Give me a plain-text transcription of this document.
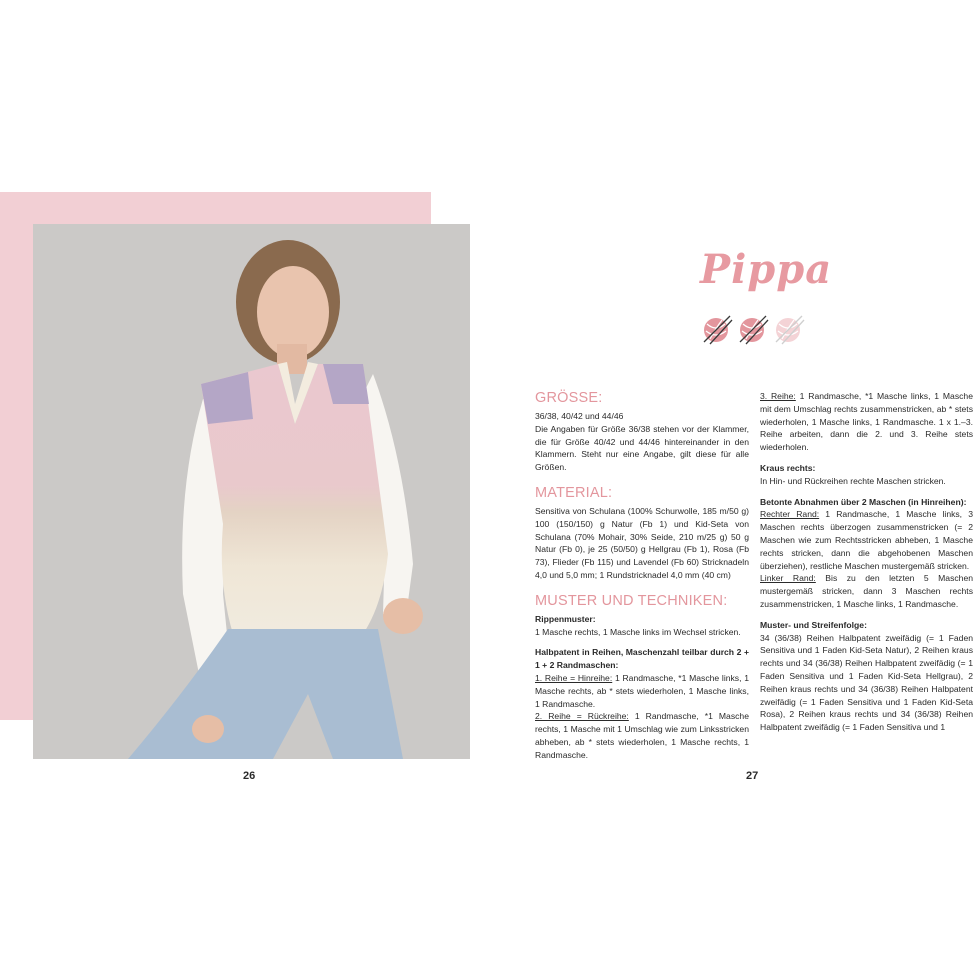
26	27
Pippa
GRÖSSE:

36/38, 40/42 und 44/46

Die Angaben für Größe 36/38 stehen vor der Klammer, die für Größe 40/42 und 44/46 hintereinander in den Klammern. Steht nur eine Angabe, gilt diese für alle Größen.

MATERIAL:

Sensitiva von Schulana (100% Schurwolle, 185 m/50 g) 100 (150/150) g Natur (Fb 1) und Kid-Seta von Schulana (70% Mohair, 30% Seide, 210 m/25 g) 50 g Natur (Fb 0), je 25 (50/50) g Hellgrau (Fb 1), Rosa (Fb 73), Flieder (Fb 115) und Lavendel (Fb 60) Stricknadeln 4,0 und 5,0 mm; 1 Rundstricknadel 4,0 mm (40 cm)

MUSTER UND TECHNIKEN:

Rippenmuster:

1 Masche rechts, 1 Masche links im Wechsel stricken.

Halbpatent in Reihen, Maschenzahl teilbar durch 2 + 1 + 2 Randmaschen:

1. Reihe = Hinreihe: 1 Randmasche, *1 Masche links, 1 Masche rechts, ab * stets wiederholen, 1 Masche links, 1 Randmasche.

2. Reihe = Rückreihe: 1 Randmasche, *1 Masche rechts, 1 Masche mit 1 Umschlag wie zum Linksstricken abheben, ab * stets wiederholen, 1 Masche rechts, 1 Randmasche.

3. Reihe: 1 Randmasche, *1 Masche links, 1 Masche mit dem Umschlag rechts zusammenstricken, ab * stets wiederholen, 1 Masche links, 1 Randmasche. 1 x 1.–3. Reihe arbeiten, dann die 2. und 3. Reihe stets wiederholen.

Kraus rechts:

In Hin- und Rückreihen rechte Maschen stricken.

Betonte Abnahmen über 2 Maschen (in Hinreihen):

Rechter Rand: 1 Randmasche, 1 Masche links, 3 Maschen rechts überzogen zusammenstricken (= 2 Maschen wie zum Rechtsstricken abheben, 1 Masche rechts stricken, dann die abgehobenen Maschen überziehen), restliche Maschen mustergemäß stricken.

Linker Rand: Bis zu den letzten 5 Maschen mustergemäß stricken, dann 3 Maschen rechts zusammenstricken, 1 Masche links, 1 Randmasche.

Muster- und Streifenfolge:

34 (36/38) Reihen Halbpatent zweifädig (= 1 Faden Sensitiva und 1 Faden Kid-Seta Natur), 2 Reihen kraus rechts und 34 (36/38) Reihen Halbpatent zweifädig (= 1 Faden Sensitiva und 1 Faden Kid-Seta Hellgrau), 2 Reihen kraus rechts und 34 (36/38) Reihen Halbpatent zweifädig (= 1 Faden Sensitiva und 1 Faden Kid-Seta Rosa), 2 Reihen kraus rechts und 34 (36/38) Reihen Halbpatent zweifädig (= 1 Faden Sensitiva und 1
